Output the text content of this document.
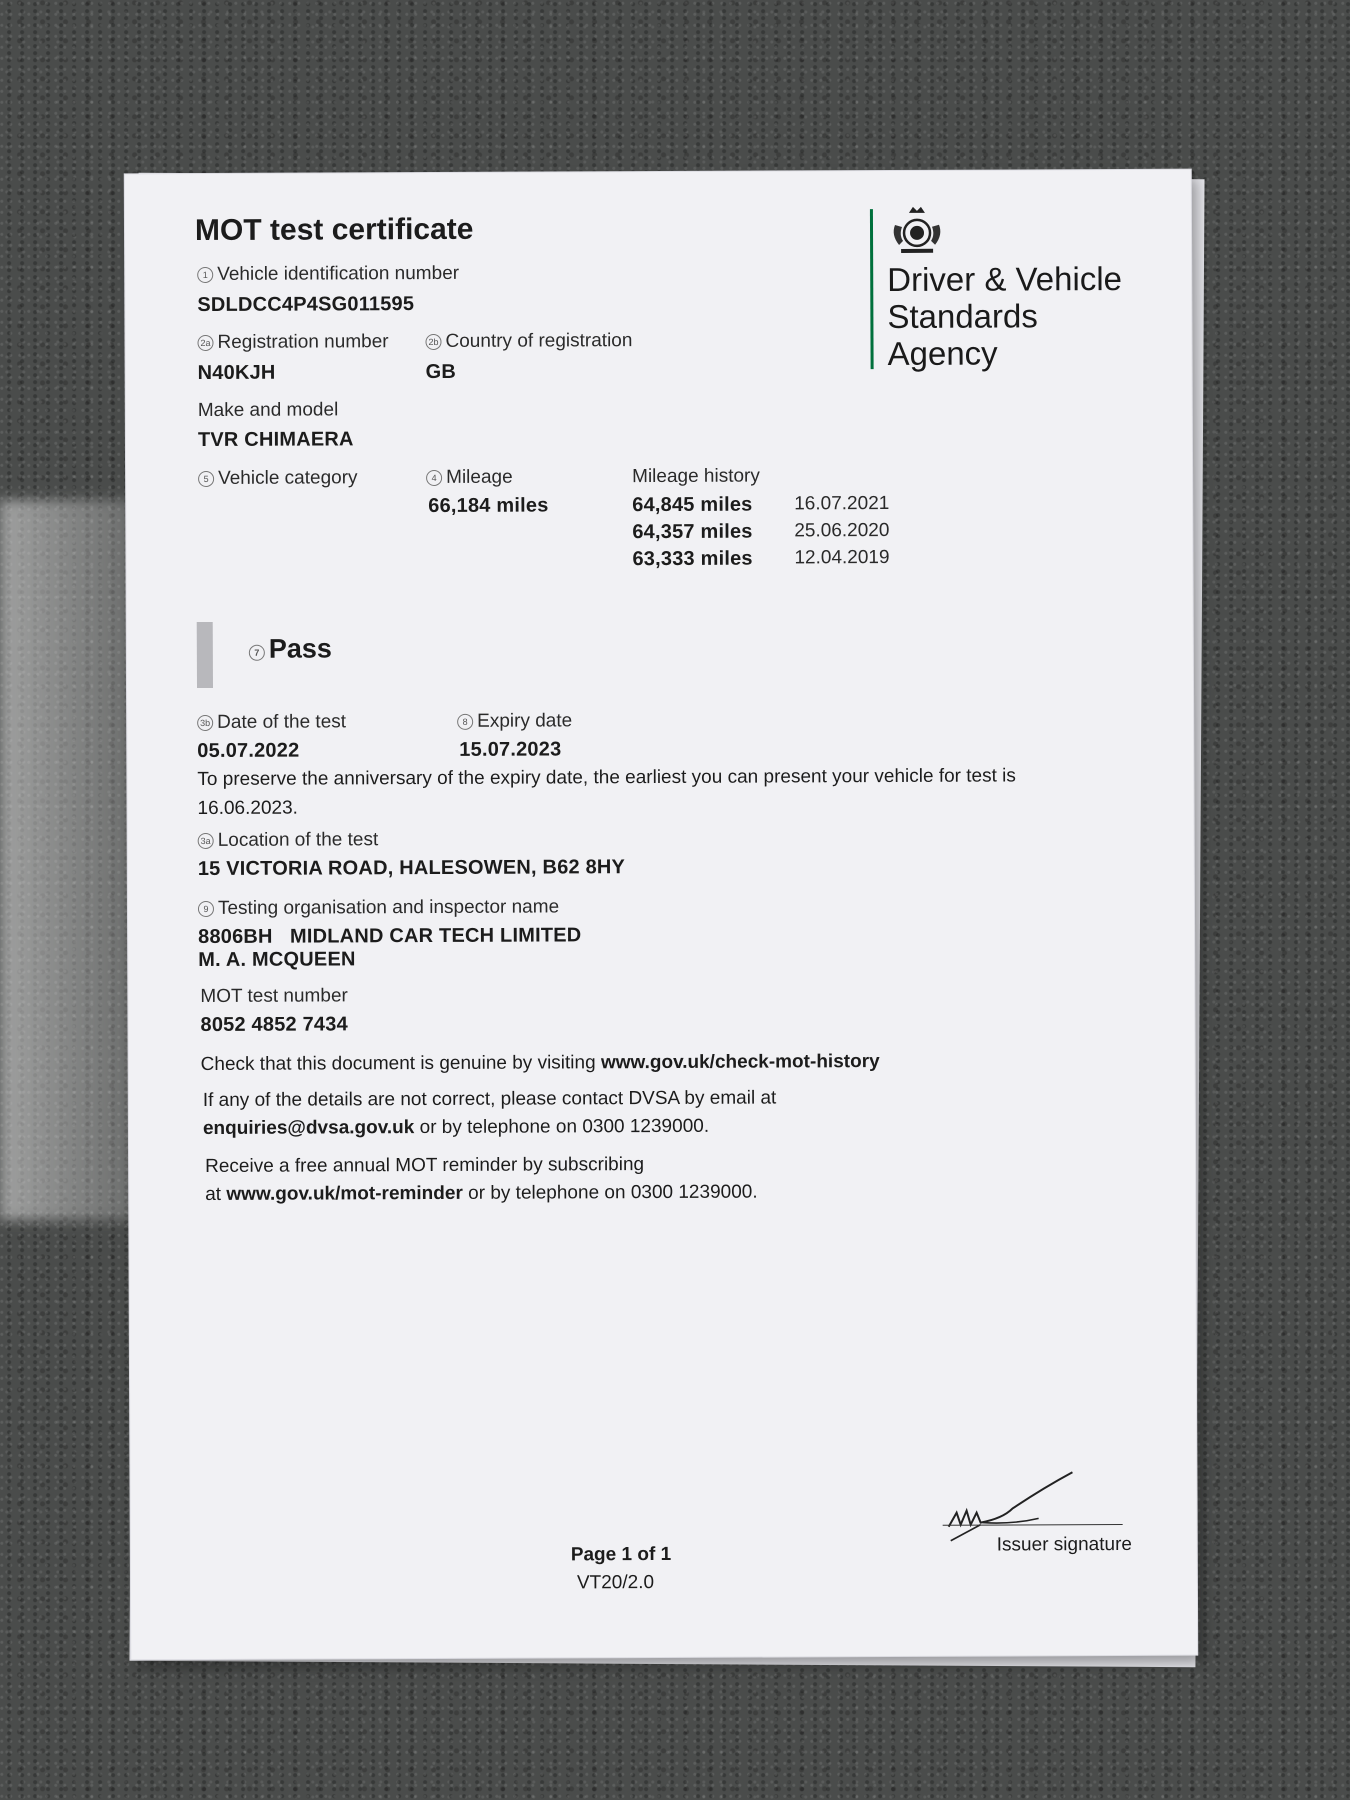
MOT test certificate
Driver & Vehicle
Standards
Agency
1 Vehicle identification number
SDLDCC4P4SG011595
2a Registration number
N40KJH
2b Country of registration
GB
Make and model
TVR CHIMAERA
5 Vehicle category	4 Mileage
66,184 miles
Mileage history
64,845 miles 16.07.2021
64,357 miles 25.06.2020
63,333 miles 12.04.2019
7 Pass
3b Date of the test
05.07.2022
8 Expiry date
15.07.2023
To preserve the anniversary of the expiry date, the earliest you can present your vehicle for test is
16.06.2023.
3a Location of the test
15 VICTORIA ROAD, HALESOWEN, B62 8HY
9 Testing organisation and inspector name
8806BH MIDLAND CAR TECH LIMITED
M. A. MCQUEEN
MOT test number
8052 4852 7434
Check that this document is genuine by visiting www.gov.uk/check-mot-history
If any of the details are not correct, please contact DVSA by email at
enquiries@dvsa.gov.uk or by telephone on 0300 1239000.
Receive a free annual MOT reminder by subscribing
at www.gov.uk/mot-reminder or by telephone on 0300 1239000.
Page 1 of 1
VT20/2.0
Issuer signature
